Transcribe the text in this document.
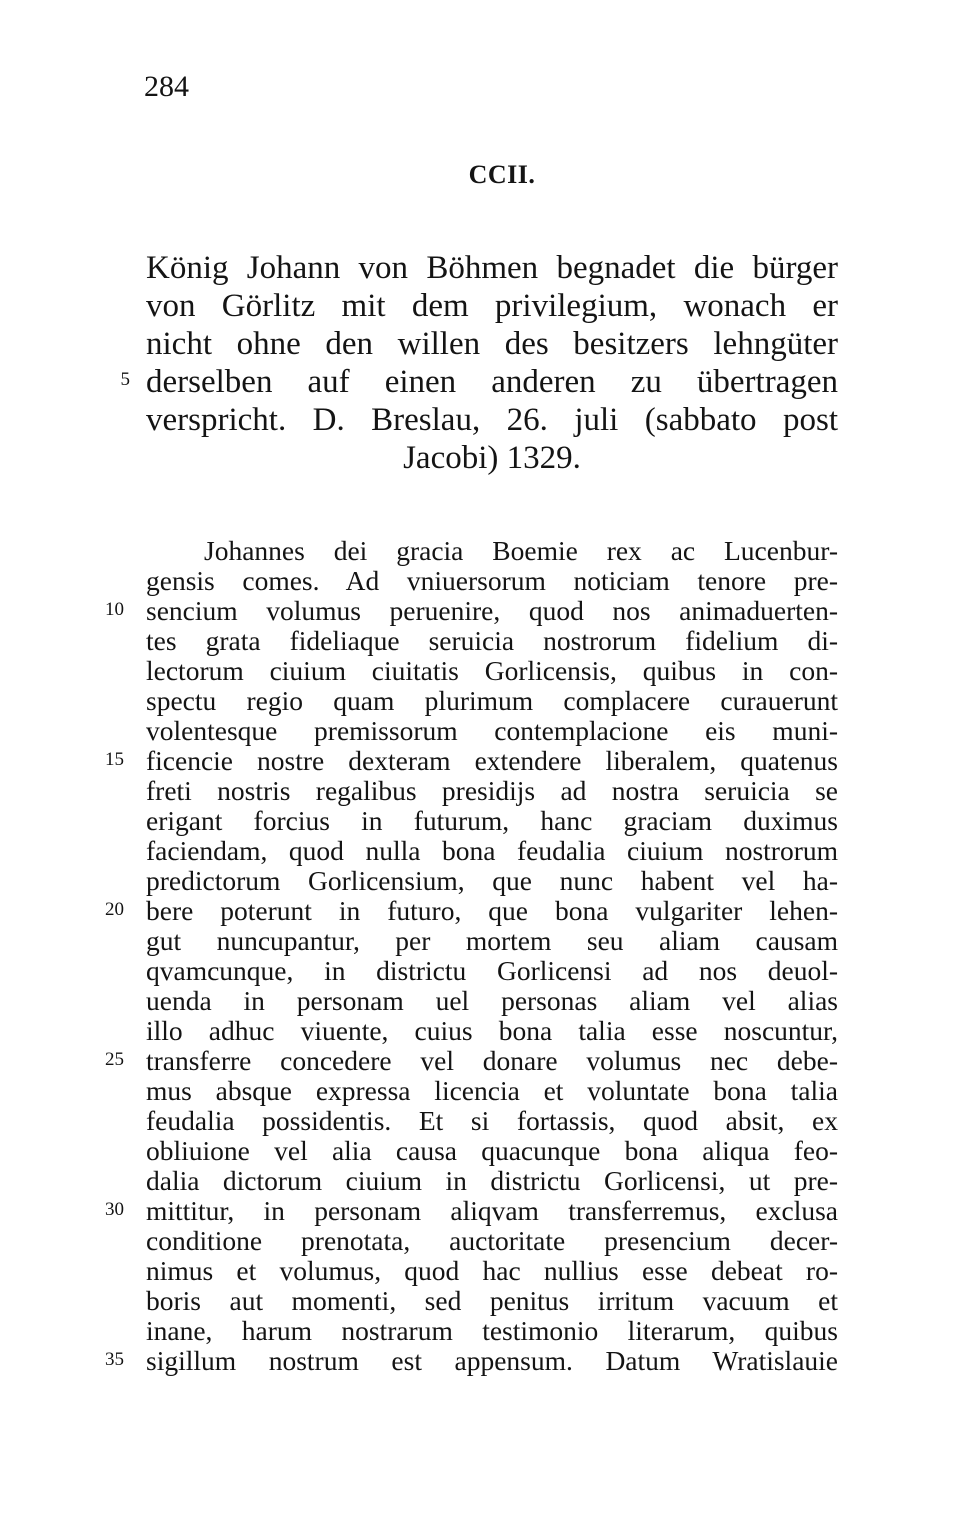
284
CCII.
König Johann von Böhmen begnadet die bürger
von Görlitz mit dem privilegium, wonach er
nicht ohne den willen des besitzers lehngüter
derselben auf einen anderen zu übertragen
verspricht. D. Breslau, 26. juli (sabbato post
Jacobi) 1329.
Johannes dei gracia Boemie rex ac Lucenbur-
gensis comes. Ad vniuersorum noticiam tenore pre-
sencium volumus peruenire, quod nos animaduerten-
tes grata fideliaque seruicia nostrorum fidelium di-
lectorum ciuium ciuitatis Gorlicensis, quibus in con-
spectu regio quam plurimum complacere curauerunt
volentesque premissorum contemplacione eis muni-
ficencie nostre dexteram extendere liberalem, quatenus
freti nostris regalibus presidijs ad nostra seruicia se
erigant forcius in futurum, hanc graciam duximus
faciendam, quod nulla bona feudalia ciuium nostrorum
predictorum Gorlicensium, que nunc habent vel ha-
bere poterunt in futuro, que bona vulgariter lehen-
gut nuncupantur, per mortem seu aliam causam
qvamcunque, in districtu Gorlicensi ad nos deuol-
uenda in personam uel personas aliam vel alias
illo adhuc viuente, cuius bona talia esse noscuntur,
transferre concedere vel donare volumus nec debe-
mus absque expressa licencia et voluntate bona talia
feudalia possidentis. Et si fortassis, quod absit, ex
obliuione vel alia causa quacunque bona aliqua feo-
dalia dictorum ciuium in districtu Gorlicensi, ut pre-
mittitur, in personam aliqvam transferremus, exclusa
conditione prenotata, auctoritate presencium decer-
nimus et volumus, quod hac nullius esse debeat ro-
boris aut momenti, sed penitus irritum vacuum et
inane, harum nostrarum testimonio literarum, quibus
sigillum nostrum est appensum. Datum Wratislauie
5
10
15
20
25
30
35
